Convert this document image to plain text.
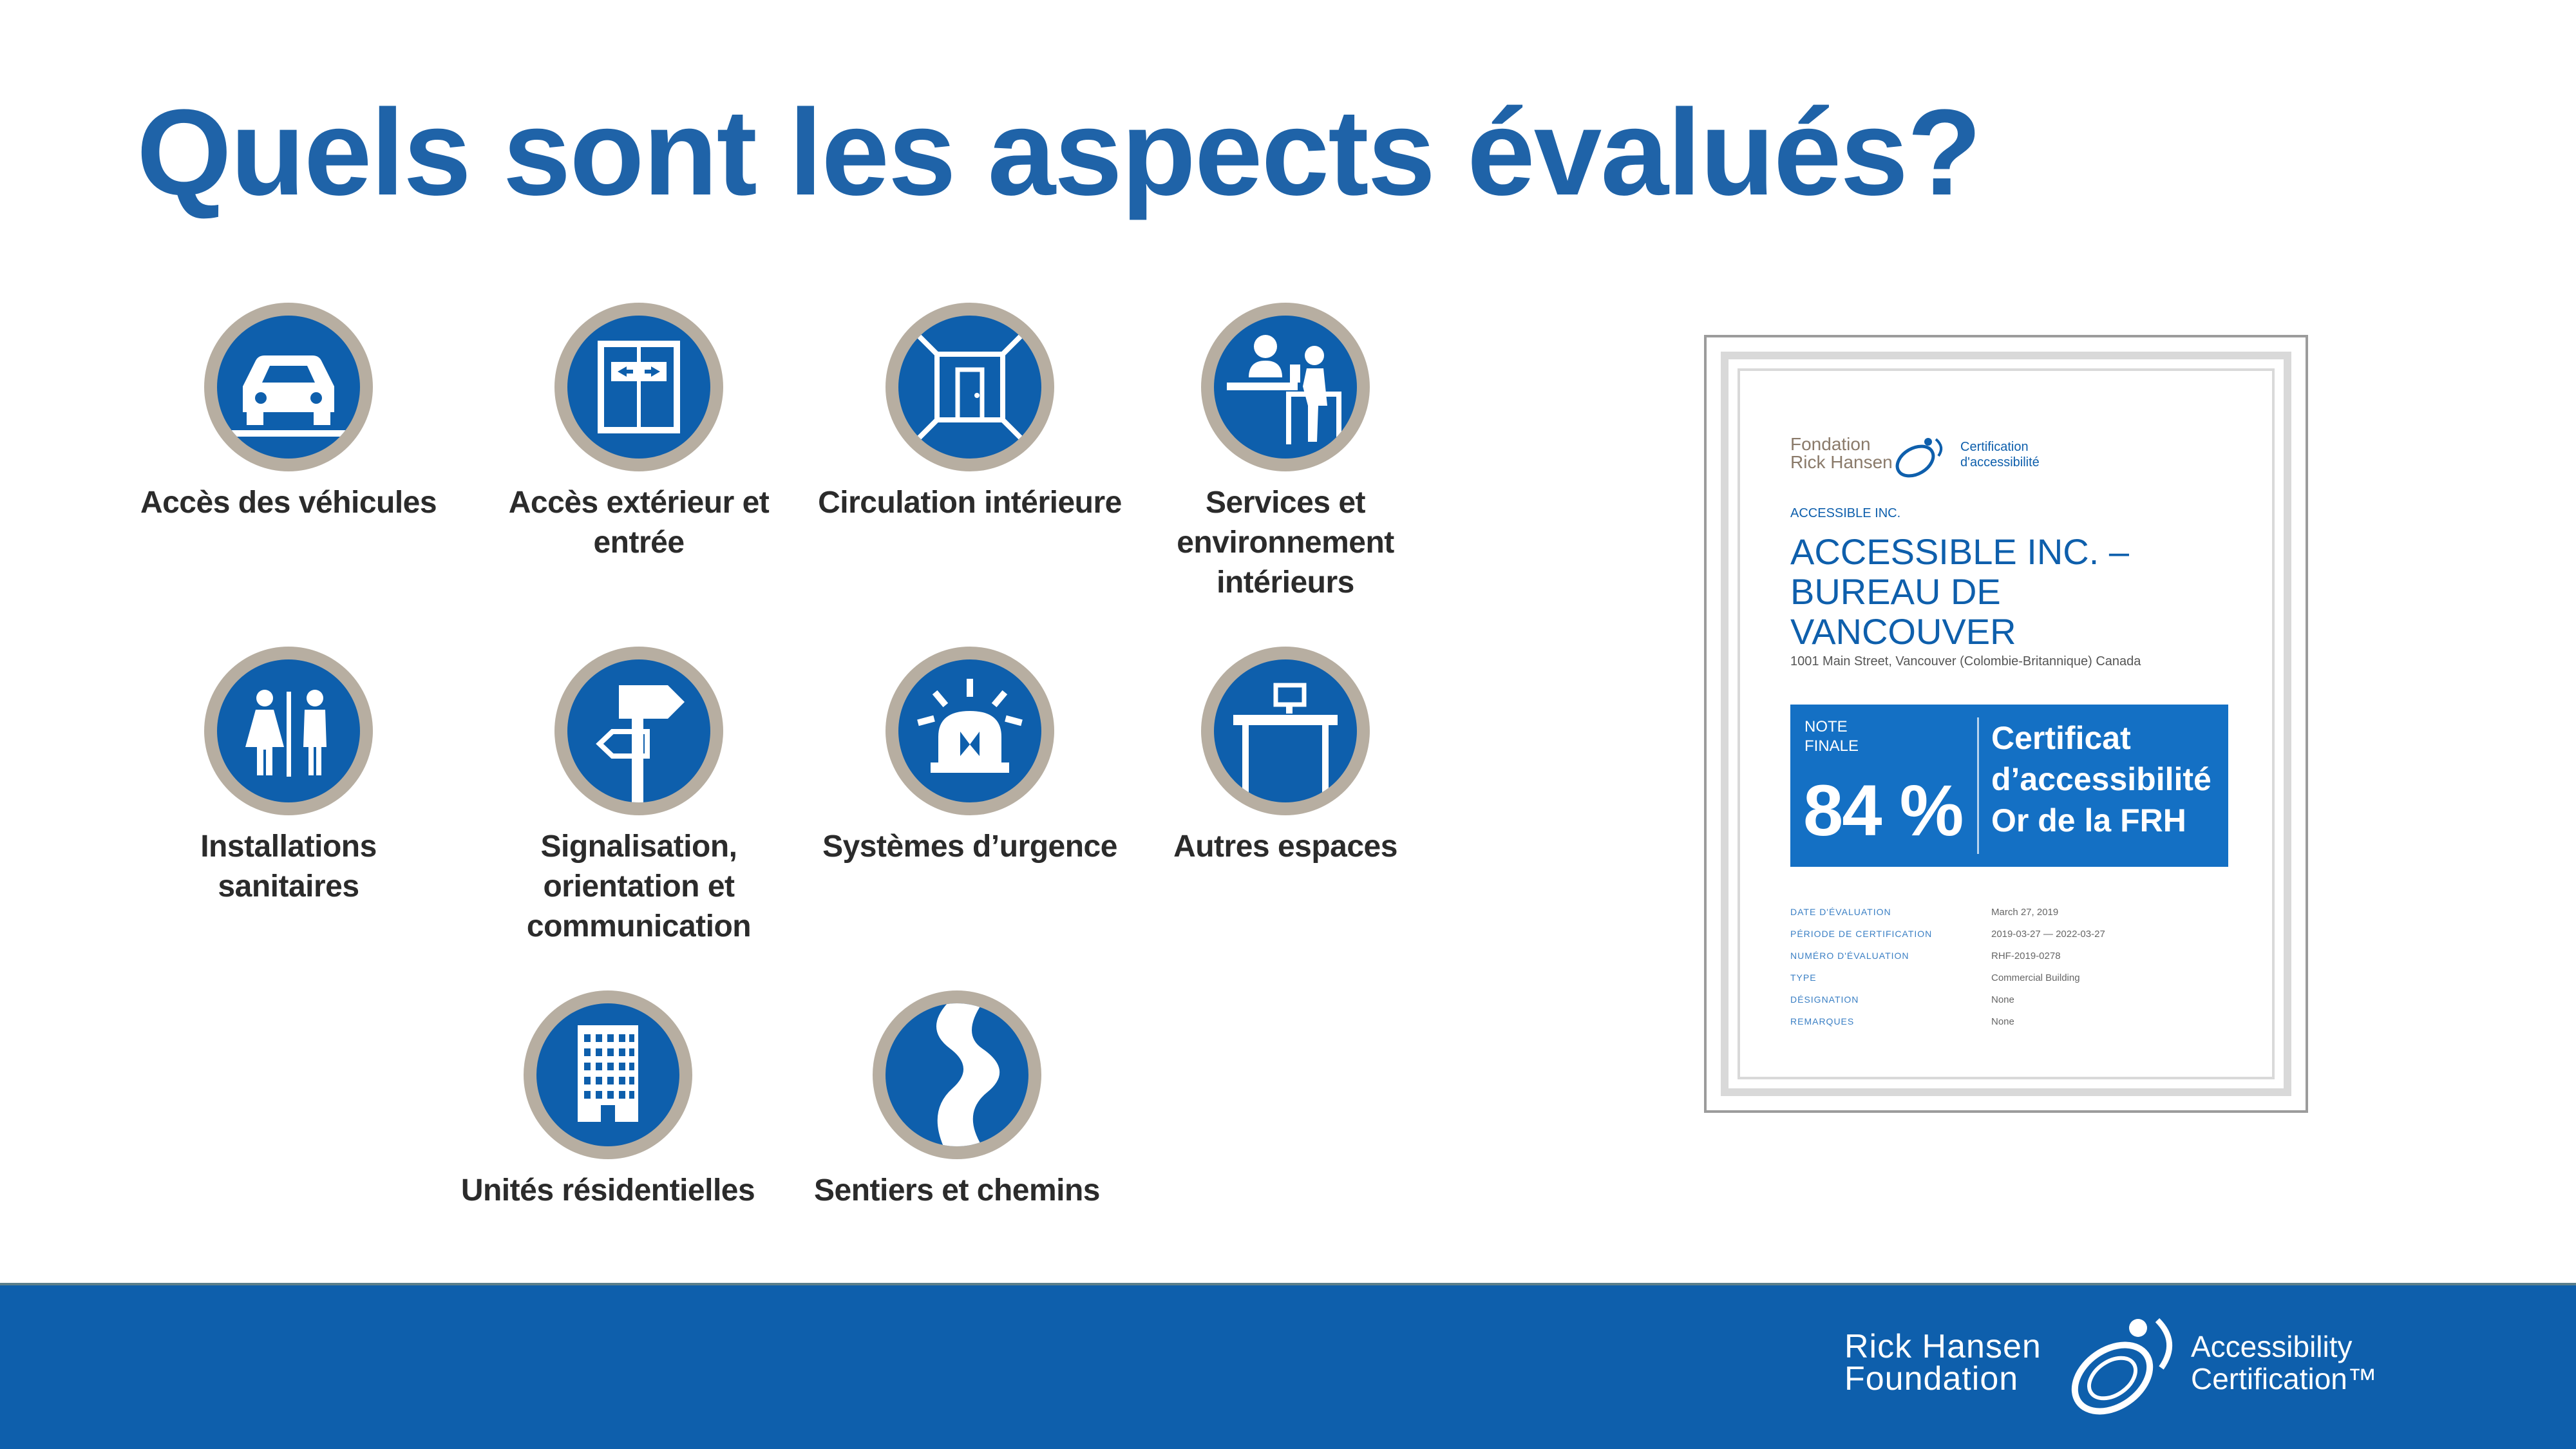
Quels sont les aspects évalués?
Accès des véhicules	Accès extérieur et entrée
Circulation intérieure	Services et environnement intérieurs
Installations sanitaires
Signalisation, orientation et communication
Systèmes d’urgence	Autres espaces
Unités résidentielles	Sentiers et chemins
Fondation
Rick Hansen
Certification
d'accessibilité
ACCESSIBLE INC.
ACCESSIBLE INC. –
BUREAU DE
VANCOUVER
1001 Main Street, Vancouver (Colombie-Britannique) Canada
NOTE
FINALE
84 %
Certificat
d’accessibilité
Or de la FRH
DATE D'ÉVALUATION	March 27, 2019
PÉRIODE DE CERTIFICATION	2019-03-27 — 2022-03-27
NUMÉRO D'ÉVALUATION	RHF-2019-0278
TYPE	Commercial Building
DÉSIGNATION	None
REMARQUES	None
Rick Hansen
Foundation
Accessibility
Certification™
